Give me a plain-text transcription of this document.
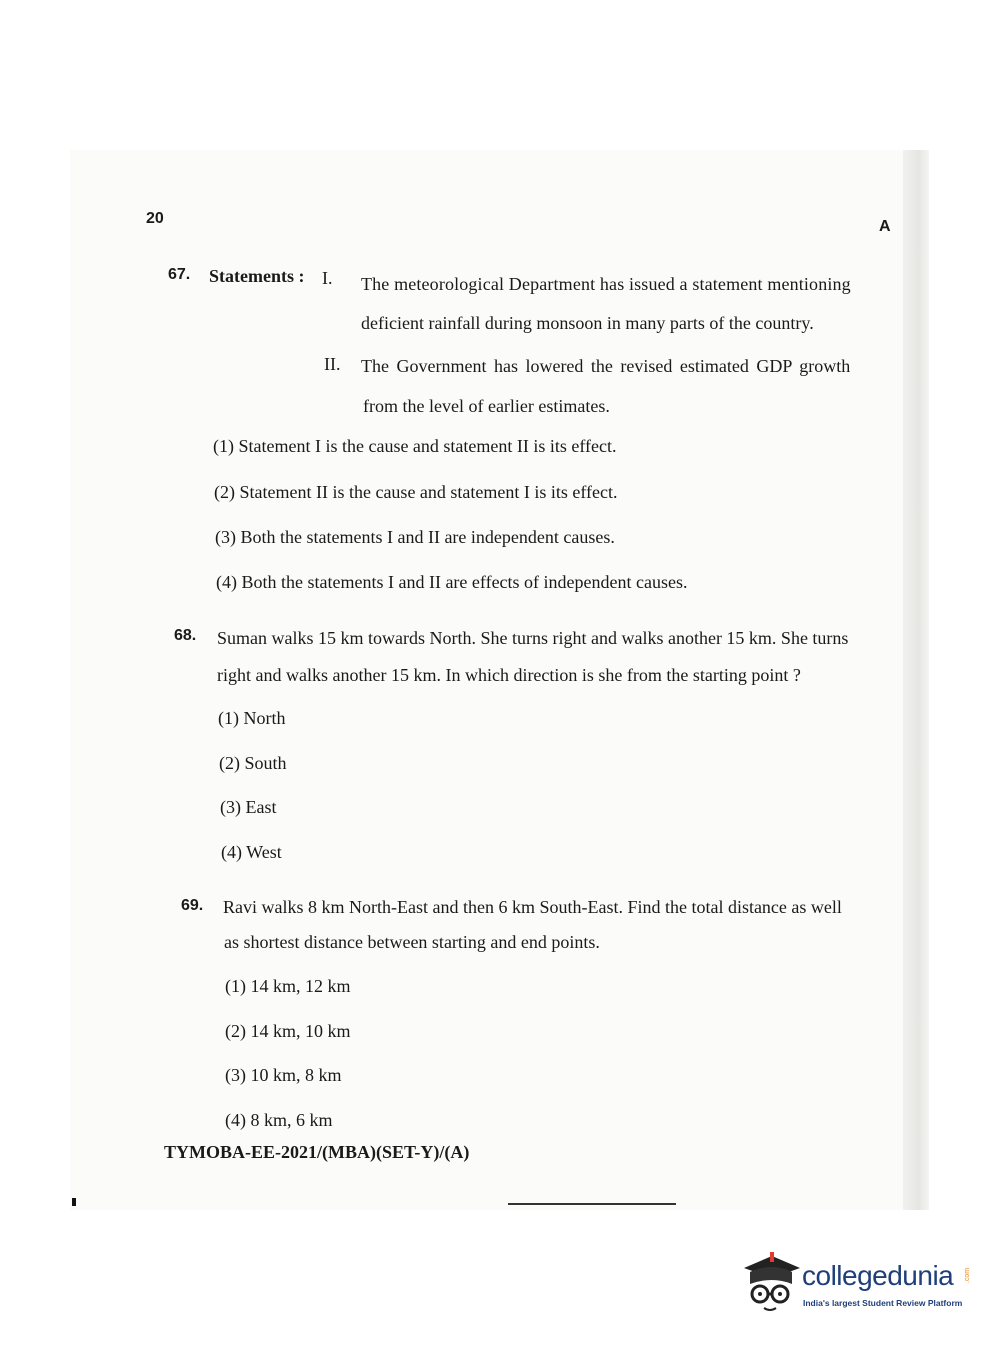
20	A
67. Statements : I. The meteorological Department has issued a statement mentioning
deficient rainfall during monsoon in many parts of the country.
II. The Government has lowered the revised estimated GDP growth
from the level of earlier estimates.
(1) Statement I is the cause and statement II is its effect.
(2) Statement II is the cause and statement I is its effect.
(3) Both the statements I and II are independent causes.
(4) Both the statements I and II are effects of independent causes.
68. Suman walks 15 km towards North. She turns right and walks another 15 km. She turns
right and walks another 15 km. In which direction is she from the starting point ?
(1) North
(2) South
(3) East
(4) West
69. Ravi walks 8 km North-East and then 6 km South-East. Find the total distance as well
as shortest distance between starting and end points.
(1) 14 km, 12 km
(2) 14 km, 10 km
(3) 10 km, 8 km
(4) 8 km, 6 km
TYMOBA-EE-2021/(MBA)(SET-Y)/(A)
collegedunia .com
India's largest Student Review Platform
